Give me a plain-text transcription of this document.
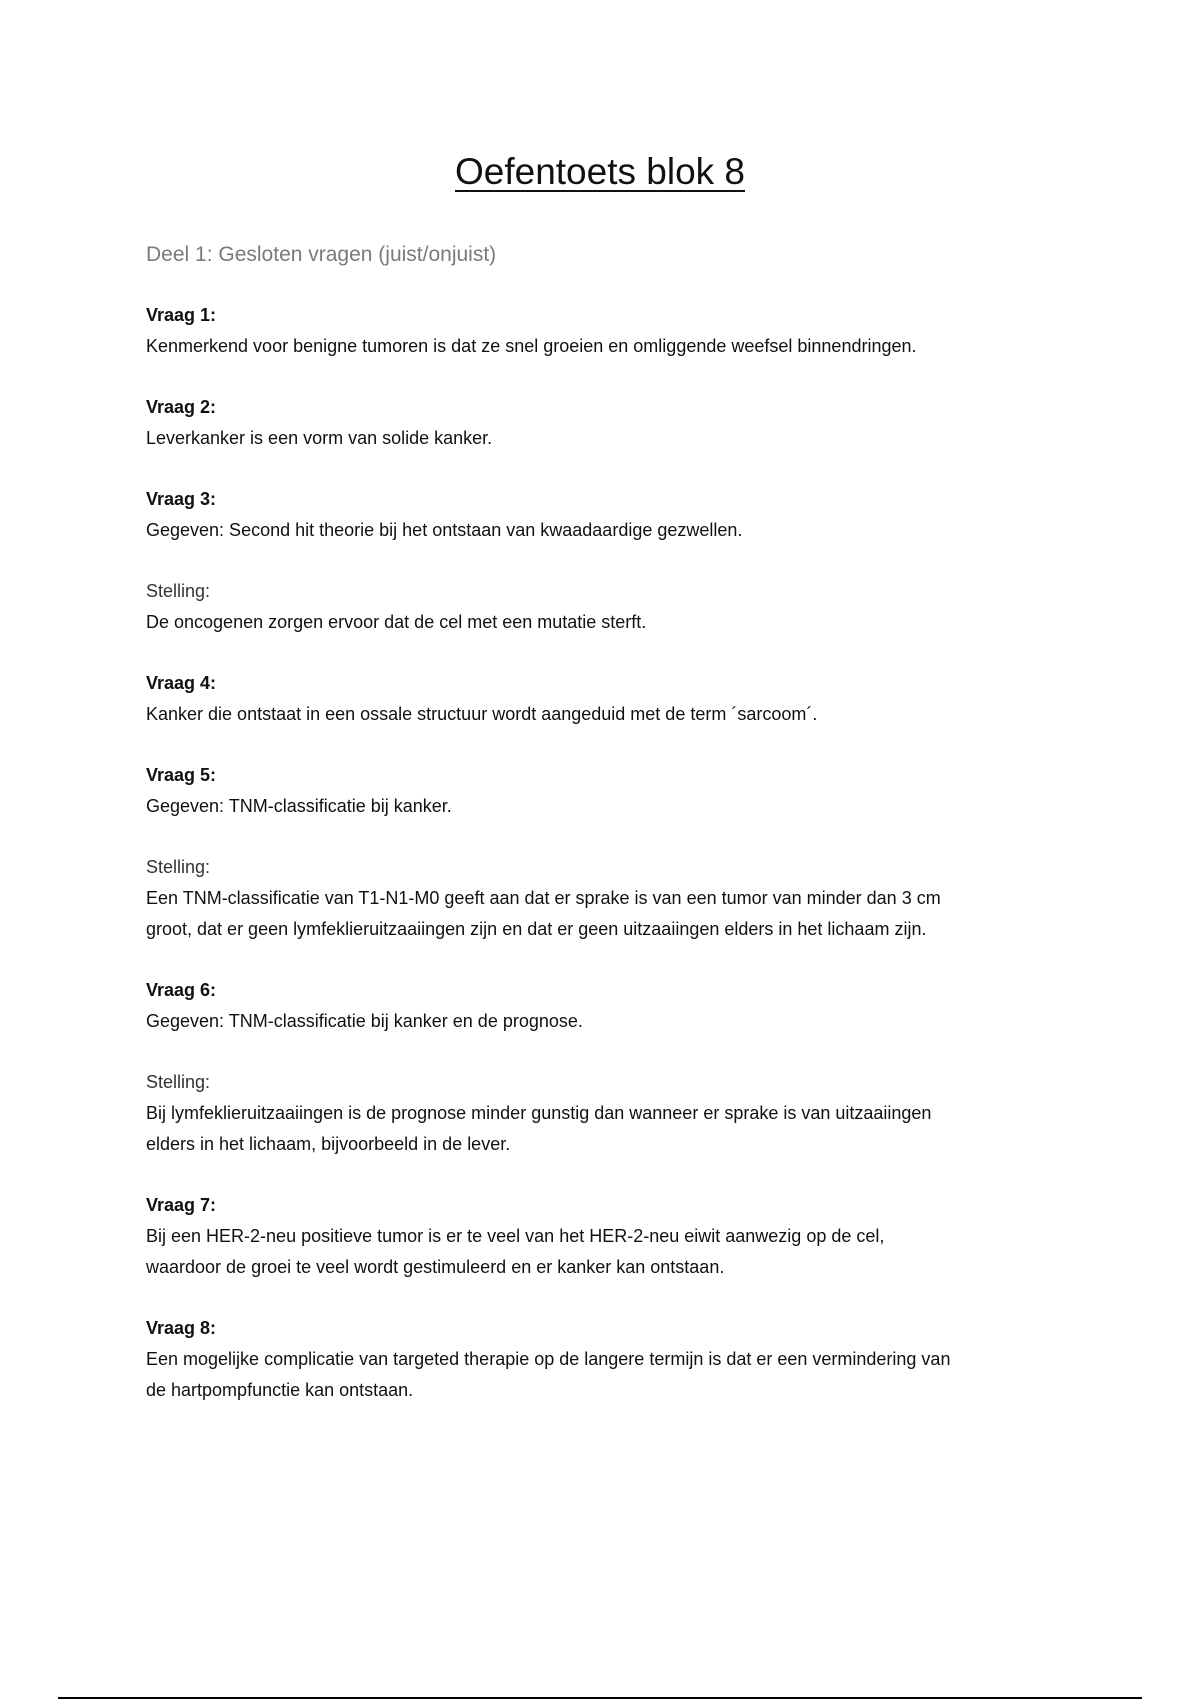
Oefentoets blok 8
Deel 1: Gesloten vragen (juist/onjuist)

Vraag 1:

Kenmerkend voor benigne tumoren is dat ze snel groeien en omliggende weefsel binnendringen.

Vraag 2:

Leverkanker is een vorm van solide kanker.

Vraag 3:

Gegeven: Second hit theorie bij het ontstaan van kwaadaardige gezwellen.

Stelling:

De oncogenen zorgen ervoor dat de cel met een mutatie sterft.

Vraag 4:

Kanker die ontstaat in een ossale structuur wordt aangeduid met de term ´sarcoom´.

Vraag 5:

Gegeven: TNM-classificatie bij kanker.

Stelling:

Een TNM-classificatie van T1-N1-M0 geeft aan dat er sprake is van een tumor van minder dan 3 cm

groot, dat er geen lymfeklieruitzaaiingen zijn en dat er geen uitzaaiingen elders in het lichaam zijn.

Vraag 6:

Gegeven: TNM-classificatie bij kanker en de prognose.

Stelling:

Bij lymfeklieruitzaaiingen is de prognose minder gunstig dan wanneer er sprake is van uitzaaiingen

elders in het lichaam, bijvoorbeeld in de lever.

Vraag 7:

Bij een HER-2-neu positieve tumor is er te veel van het HER-2-neu eiwit aanwezig op de cel,

waardoor de groei te veel wordt gestimuleerd en er kanker kan ontstaan.

Vraag 8:

Een mogelijke complicatie van targeted therapie op de langere termijn is dat er een vermindering van

de hartpompfunctie kan ontstaan.
